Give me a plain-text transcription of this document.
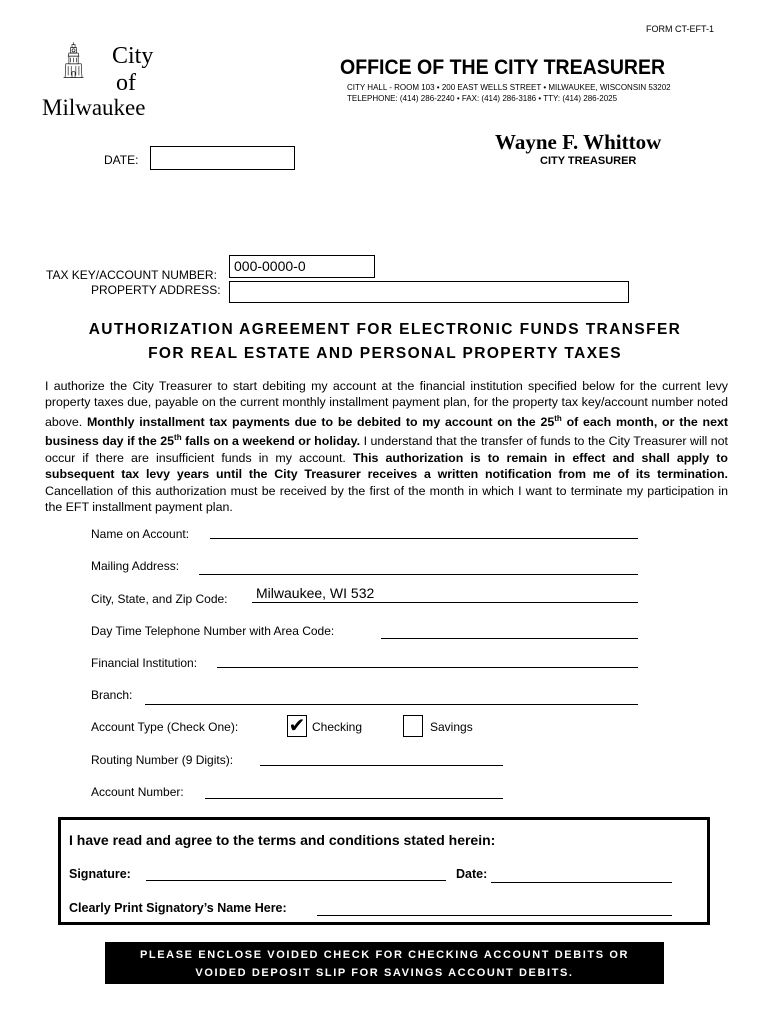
FORM CT-EFT-1
City
of
Milwaukee
OFFICE OF THE CITY TREASURER
CITY HALL - ROOM 103 • 200 EAST WELLS STREET • MILWAUKEE, WISCONSIN 53202
TELEPHONE: (414) 286-2240 • FAX: (414) 286-3186 • TTY: (414) 286-2025
Wayne F. Whittow
CITY TREASURER
DATE:
TAX KEY/ACCOUNT NUMBER:
000-0000-0
PROPERTY ADDRESS:
AUTHORIZATION AGREEMENT FOR ELECTRONIC FUNDS TRANSFER
FOR REAL ESTATE AND PERSONAL PROPERTY TAXES
I authorize the City Treasurer to start debiting my account at the financial institution specified below for the current levy property taxes due, payable on the current monthly installment payment plan, for the property tax key/account number noted above. Monthly installment tax payments due to be debited to my account on the 25th of each month, or the next business day if the 25th falls on a weekend or holiday. I understand that the transfer of funds to the City Treasurer will not occur if there are insufficient funds in my account. This authorization is to remain in effect and shall apply to subsequent tax levy years until the City Treasurer receives a written notification from me of its termination. Cancellation of this authorization must be received by the first of the month in which I want to terminate my participation in the EFT installment payment plan.
Name on Account:
Mailing Address:
City, State, and Zip Code: Milwaukee, WI 532
Day Time Telephone Number with Area Code:
Financial Institution:
Branch:
Account Type (Check One):	✔ Checking	Savings
Routing Number (9 Digits):
Account Number:
I have read and agree to the terms and conditions stated herein:
Signature:	Date:
Clearly Print Signatory’s Name Here:
PLEASE ENCLOSE VOIDED CHECK FOR CHECKING ACCOUNT DEBITS OR
VOIDED DEPOSIT SLIP FOR SAVINGS ACCOUNT DEBITS.
